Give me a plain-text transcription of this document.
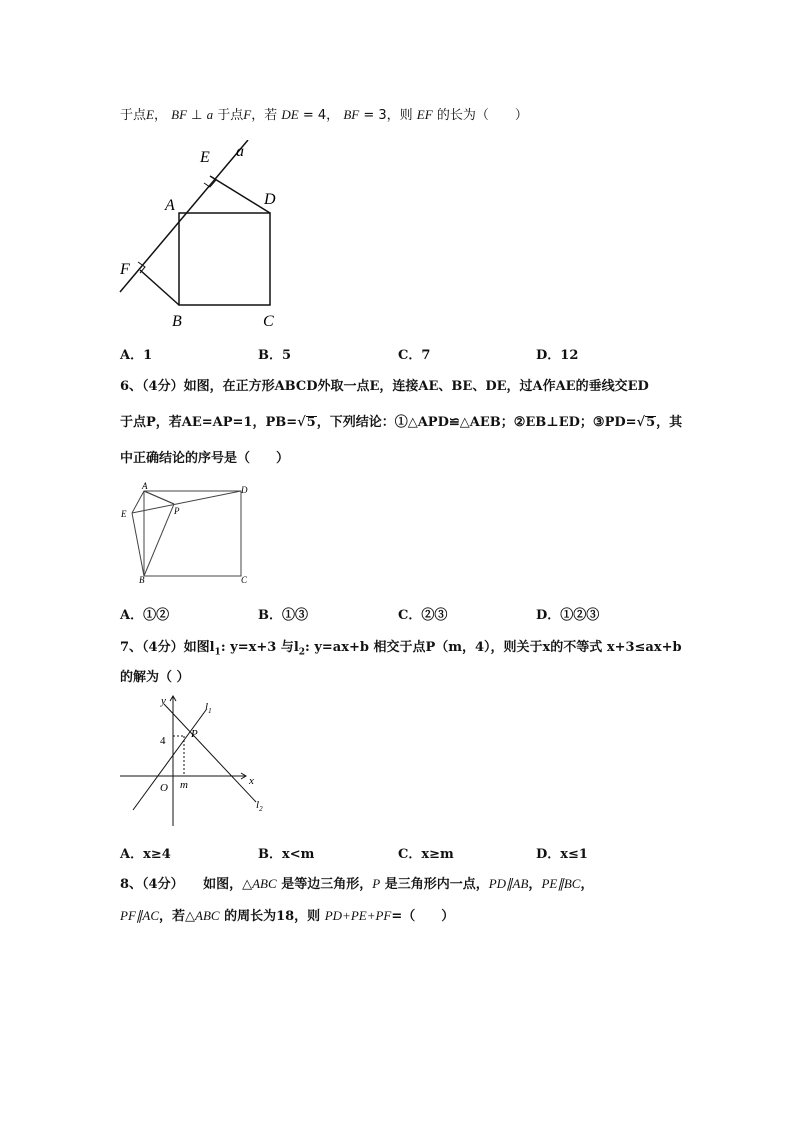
于点E， BF ⊥ a 于点F，若 DE = 4， BF = 3，则 EF 的长为（　　）
E a
D
A
F
B	C
A．1	B．5	C．7	D．12
6、（4分）如图，在正方形ABCD外取一点E，连接AE、BE、DE，过A作AE的垂线交ED
于点P，若AE=AP=1，PB=√5，下列结论：①△APD≌△AEB；②EB⊥ED；③PD=√5，其
中正确结论的序号是（　　）
A	D
E	P
B	C
A．①②	B．①③	C．②③	D．①②③
7、（4分）如图$l_1$: y=x+3 与$l_2$: y=ax+b 相交于点P（m，4），则关于x的不等式 x+3≤ax+b
的解为（ ）
y
x
O
P
4
m
$l_1$
$l_2$
A．x≥4	B．x<m	C．x≥m	D．x≤1
8、（4分）　　如图，△ABC 是等边三角形，P 是三角形内一点，PD∥AB，PE∥BC，
PF∥AC，若△ABC 的周长为18，则 PD+PE+PF=（　　）
